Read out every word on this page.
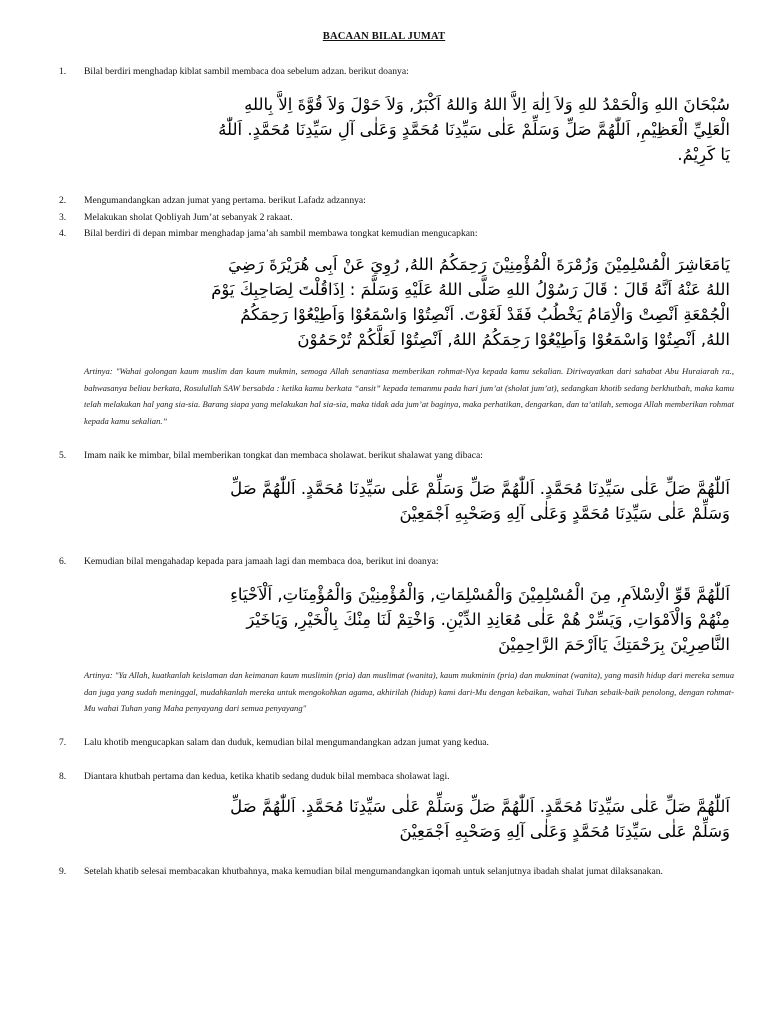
BACAAN BILAL JUMAT
1. Bilal berdiri menghadap kiblat sambil membaca doa sebelum adzan. berikut doanya:
سُبْحَانَ اللهِ وَالْحَمْدُ للهِ وَلاَ اِلٰهَ اِلاَّ اللهُ وَاللهُ اَكْبَرُ, وَلاَ حَوْلَ وَلاَ قُوَّةَ اِلاَّ بِاللهِ
الْعَلِيِّ الْعَظِيْمِ, اَللّٰهُمَّ صَلِّ وَسَلِّمْ عَلٰى سَيِّدِنَا مُحَمَّدٍ وَعَلٰى آلِ سَيِّدِنَا مُحَمَّدٍ. اَللّٰهُ
يَا كَرِيْمُ.
2. Mengumandangkan adzan jumat yang pertama. berikut Lafadz adzannya:
3. Melakukan sholat Qobliyah Jum’at sebanyak 2 rakaat.
4. Bilal berdiri di depan mimbar menghadap jama’ah sambil membawa tongkat kemudian mengucapkan:
يَامَعَاشِرَ الْمُسْلِمِيْنَ وَزُمْرَةَ الْمُؤْمِنِيْنَ رَحِمَكُمُ اللهُ, رُوِيَ عَنْ اَبِى هُرَيْرَةَ رَضِيَ
اللهُ عَنْهُ اَنَّهُ قَالَ : قَالَ رَسُوْلُ اللهِ صَلَّى اللهُ عَلَيْهِ وَسَلَّمَ : اِذَاقُلْتَ لِصَاحِبِكَ يَوْمَ
الْجُمْعَةِ اَنْصِتْ وَالْاِمَامُ يَخْطُبُ فَقَدْ لَغَوْتَ. اَنْصِتُوْا وَاسْمَعُوْا وَاَطِيْعُوْا رَحِمَكُمُ
اللهُ, اَنْصِتُوْا وَاسْمَعُوْا وَاَطِيْعُوْا رَحِمَكُمُ اللهُ, اَنْصِتُوْا لَعَلَّكُمْ تُرْحَمُوْنَ
Artinya: "Wahai golongan kaum muslim dan kaum mukmin, semoga Allah senantiasa memberikan rohmat-Nya kepada kamu sekalian. Diriwayatkan dari sahabat Abu Huraiarah ra., bahwasanya beliau berkata, Rosulullah SAW bersabda : ketika kamu berkata “ansit” kepada temanmu pada hari jum’at (sholat jum’at), sedangkan khotib sedang berkhutbah, maka kamu telah melakukan hal yang sia-sia. Barang siapa yang melakukan hal sia-sia, maka tidak ada jum’at baginya, maka perhatikan, dengarkan, dan ta’atilah, semoga Allah memberikan rohmat kepada kamu sekalian.”
5. Imam naik ke mimbar, bilal memberikan tongkat dan membaca sholawat. berikut shalawat yang dibaca:
اَللّٰهُمَّ صَلِّ عَلٰى سَيِّدِنَا مُحَمَّدٍ. اَللّٰهُمَّ صَلِّ وَسَلِّمْ عَلٰى سَيِّدِنَا مُحَمَّدٍ. اَللّٰهُمَّ صَلِّ
وَسَلِّمْ عَلٰى سَيِّدِنَا مُحَمَّدٍ وَعَلٰى آلِهِ وَصَحْبِهِ اَجْمَعِيْنَ
6. Kemudian bilal mengahadap kepada para jamaah lagi dan membaca doa, berikut ini doanya:
اَللّٰهُمَّ قَوِّ الْاِسْلاَمِ, مِنَ الْمُسْلِمِيْنَ وَالْمُسْلِمَاتِ, وَالْمُؤْمِنِيْنَ وَالْمُؤْمِنَاتِ, اَلْاَحْيَاءِ
مِنْهُمْ وَالْاَمْوَاتِ, وَيَسِّرْ هُمْ عَلٰى مُعَانِدِ الدِّيْنِ. وَاخْتِمْ لَنَا مِنْكَ بِالْخَيْرِ, وَيَاخَيْرَ
النَّاصِرِيْنَ بِرَحْمَتِكَ يَااَرْحَمَ الرَّاحِمِيْنَ
Artinya: "Ya Allah, kuatkanlah keislaman dan keimanan kaum muslimin (pria) dan muslimat (wanita), kaum mukminin (pria) dan mukminat (wanita), yang masih hidup dari mereka semua dan juga yang sudah meninggal, mudahkanlah mereka untuk mengokohkan agama, akhirilah (hidup) kami dari-Mu dengan kebaikan, wahai Tuhan sebaik-baik penolong, dengan rohmat-Mu wahai Tuhan yang Maha penyayang dari semua penyayang"
7. Lalu khotib mengucapkan salam dan duduk, kemudian bilal mengumandangkan adzan jumat yang kedua.
8. Diantara khutbah pertama dan kedua, ketika khatib sedang duduk bilal membaca sholawat lagi.
اَللّٰهُمَّ صَلِّ عَلٰى سَيِّدِنَا مُحَمَّدٍ. اَللّٰهُمَّ صَلِّ وَسَلِّمْ عَلٰى سَيِّدِنَا مُحَمَّدٍ. اَللّٰهُمَّ صَلِّ
وَسَلِّمْ عَلٰى سَيِّدِنَا مُحَمَّدٍ وَعَلٰى آلِهِ وَصَحْبِهِ اَجْمَعِيْنَ
9. Setelah khatib selesai membacakan khutbahnya, maka kemudian bilal mengumandangkan iqomah untuk selanjutnya ibadah shalat jumat dilaksanakan.
